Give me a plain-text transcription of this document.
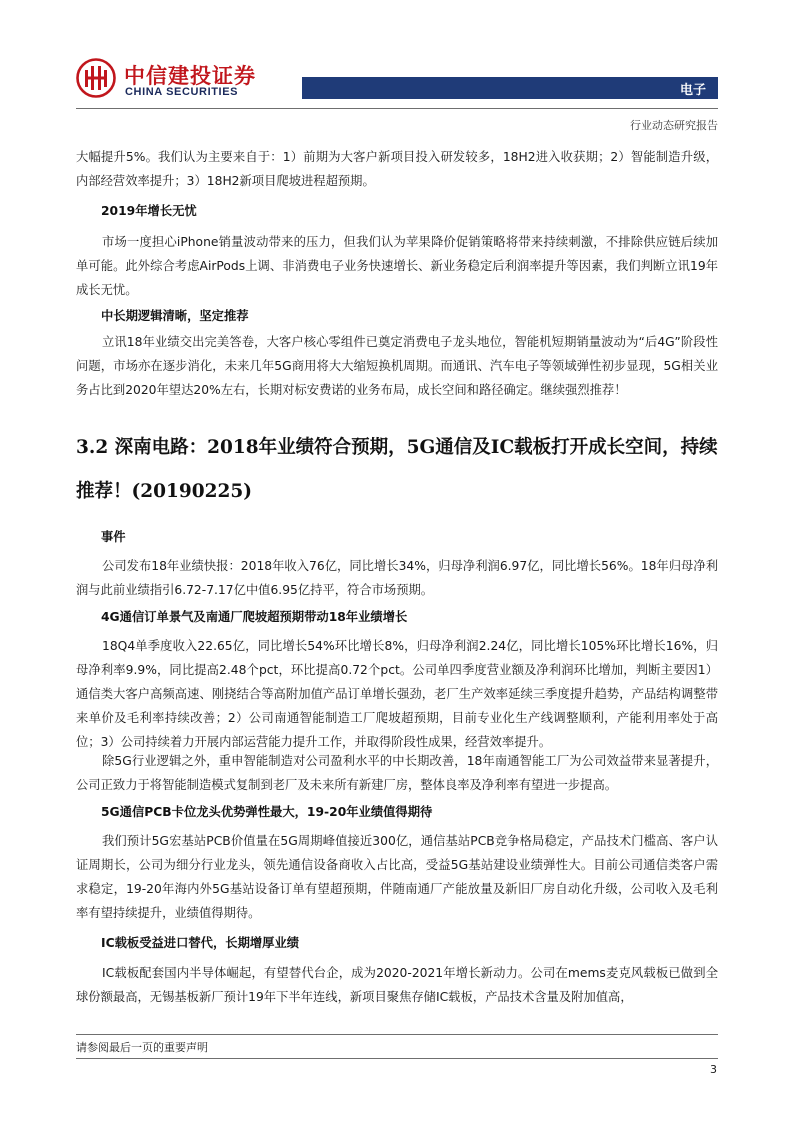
中信建投证券
CHINA SECURITIES	电子
行业动态研究报告
大幅提升5%。我们认为主要来自于：1）前期为大客户新项目投入研发较多，18H2进入收获期；2）智能制造升级，内部经营效率提升；3）18H2新项目爬坡进程超预期。
2019年增长无忧
市场一度担心iPhone销量波动带来的压力，但我们认为苹果降价促销策略将带来持续刺激，不排除供应链后续加单可能。此外综合考虑AirPods上调、非消费电子业务快速增长、新业务稳定后利润率提升等因素，我们判断立讯19年成长无忧。
中长期逻辑清晰，坚定推荐
立讯18年业绩交出完美答卷，大客户核心零组件已奠定消费电子龙头地位，智能机短期销量波动为“后4G”阶段性问题，市场亦在逐步消化，未来几年5G商用将大大缩短换机周期。而通讯、汽车电子等领域弹性初步显现，5G相关业务占比到2020年望达20%左右，长期对标安费诺的业务布局，成长空间和路径确定。继续强烈推荐！
3.2 深南电路：2018年业绩符合预期，5G通信及IC载板打开成长空间，持续推荐！(20190225)
事件
公司发布18年业绩快报：2018年收入76亿，同比增长34%，归母净利润6.97亿，同比增长56%。18年归母净利润与此前业绩指引6.72-7.17亿中值6.95亿持平，符合市场预期。
4G通信订单景气及南通厂爬坡超预期带动18年业绩增长
18Q4单季度收入22.65亿，同比增长54%环比增长8%，归母净利润2.24亿，同比增长105%环比增长16%，归母净利率9.9%，同比提高2.48个pct，环比提高0.72个pct。公司单四季度营业额及净利润环比增加，判断主要因1）通信类大客户高频高速、刚挠结合等高附加值产品订单增长强劲，老厂生产效率延续三季度提升趋势，产品结构调整带来单价及毛利率持续改善；2）公司南通智能制造工厂爬坡超预期，目前专业化生产线调整顺利，产能利用率处于高位；3）公司持续着力开展内部运营能力提升工作，并取得阶段性成果，经营效率提升。
除5G行业逻辑之外，重申智能制造对公司盈利水平的中长期改善，18年南通智能工厂为公司效益带来显著提升，公司正致力于将智能制造模式复制到老厂及未来所有新建厂房，整体良率及净利率有望进一步提高。
5G通信PCB卡位龙头优势弹性最大，19-20年业绩值得期待
我们预计5G宏基站PCB价值量在5G周期峰值接近300亿，通信基站PCB竞争格局稳定，产品技术门槛高、客户认证周期长，公司为细分行业龙头，领先通信设备商收入占比高，受益5G基站建设业绩弹性大。目前公司通信类客户需求稳定，19-20年海内外5G基站设备订单有望超预期，伴随南通厂产能放量及新旧厂房自动化升级，公司收入及毛利率有望持续提升，业绩值得期待。
IC载板受益进口替代，长期增厚业绩
IC载板配套国内半导体崛起，有望替代台企，成为2020-2021年增长新动力。公司在mems麦克风载板已做到全球份额最高，无锡基板新厂预计19年下半年连线，新项目聚焦存储IC载板，产品技术含量及附加值高，
请参阅最后一页的重要声明
3
